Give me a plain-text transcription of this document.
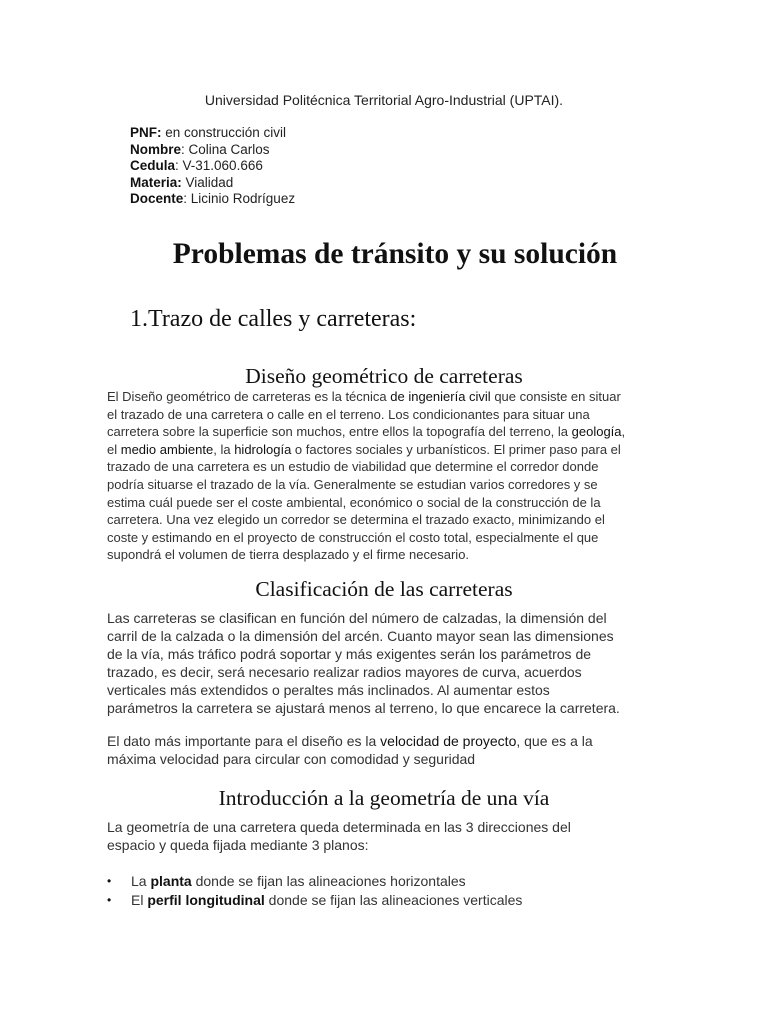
Universidad Politécnica Territorial Agro-Industrial (UPTAI).
PNF: en construcción civil
Nombre: Colina Carlos
Cedula: V-31.060.666
Materia: Vialidad
Docente: Licinio Rodríguez
Problemas de tránsito y su solución
1.Trazo de calles y carreteras:
Diseño geométrico de carreteras
El Diseño geométrico de carreteras es la técnica de ingeniería civil que consiste en situar
el trazado de una carretera o calle en el terreno. Los condicionantes para situar una
carretera sobre la superficie son muchos, entre ellos la topografía del terreno, la geología,
el medio ambiente, la hidrología o factores sociales y urbanísticos. El primer paso para el
trazado de una carretera es un estudio de viabilidad que determine el corredor donde
podría situarse el trazado de la vía. Generalmente se estudian varios corredores y se
estima cuál puede ser el coste ambiental, económico o social de la construcción de la
carretera. Una vez elegido un corredor se determina el trazado exacto, minimizando el
coste y estimando en el proyecto de construcción el costo total, especialmente el que
supondrá el volumen de tierra desplazado y el firme necesario.
Clasificación de las carreteras
Las carreteras se clasifican en función del número de calzadas, la dimensión del
carril de la calzada o la dimensión del arcén. Cuanto mayor sean las dimensiones
de la vía, más tráfico podrá soportar y más exigentes serán los parámetros de
trazado, es decir, será necesario realizar radios mayores de curva, acuerdos
verticales más extendidos o peraltes más inclinados. Al aumentar estos
parámetros la carretera se ajustará menos al terreno, lo que encarece la carretera.
El dato más importante para el diseño es la velocidad de proyecto, que es a la
máxima velocidad para circular con comodidad y seguridad
Introducción a la geometría de una vía
La geometría de una carretera queda determinada en las 3 direcciones del
espacio y queda fijada mediante 3 planos:
•	La planta donde se fijan las alineaciones horizontales
•	El perfil longitudinal donde se fijan las alineaciones verticales
